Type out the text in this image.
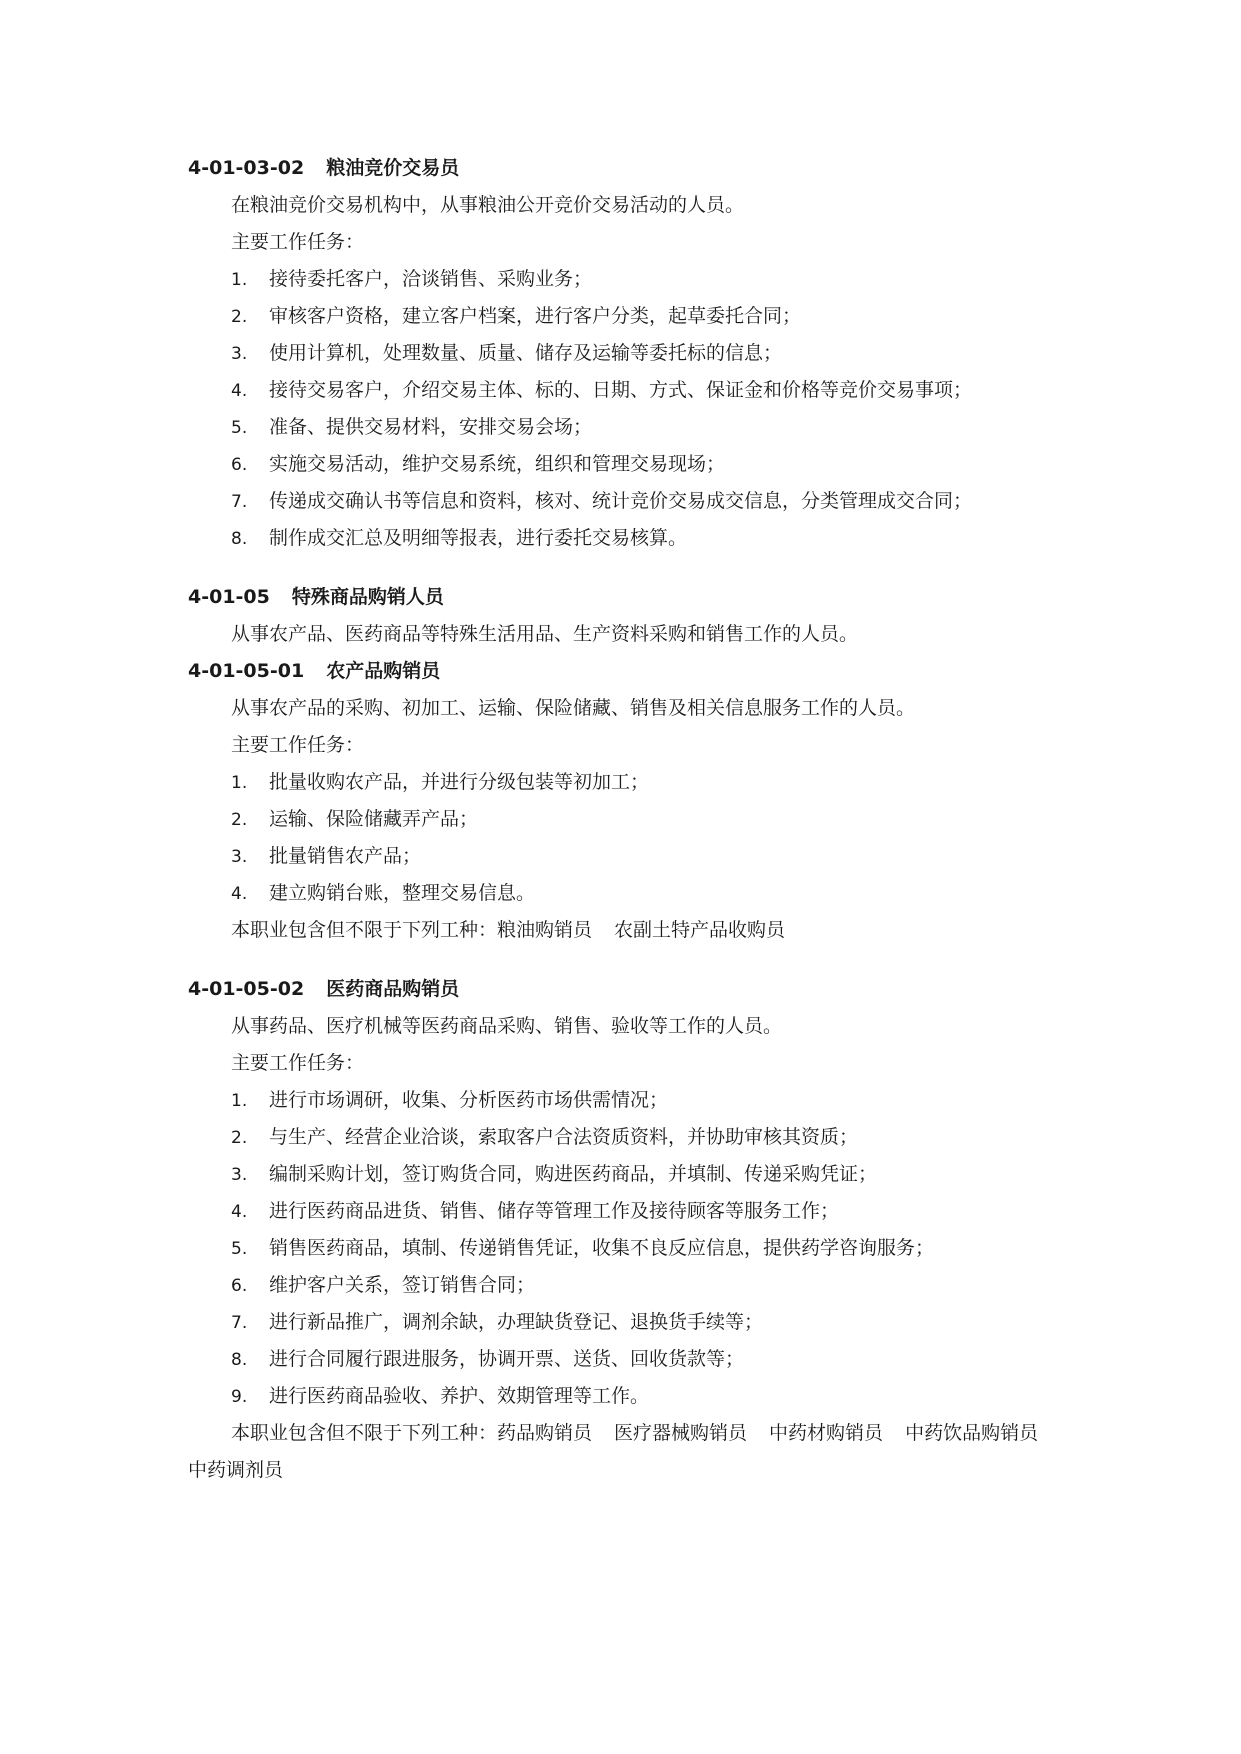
4-01-03-02 粮油竞价交易员
在粮油竞价交易机构中，从事粮油公开竞价交易活动的人员。
主要工作任务：
1. 接待委托客户，洽谈销售、采购业务；
2. 审核客户资格，建立客户档案，进行客户分类，起草委托合同；
3. 使用计算机，处理数量、质量、储存及运输等委托标的信息；
4. 接待交易客户，介绍交易主体、标的、日期、方式、保证金和价格等竞价交易事项；
5. 准备、提供交易材料，安排交易会场；
6. 实施交易活动，维护交易系统，组织和管理交易现场；
7. 传递成交确认书等信息和资料，核对、统计竞价交易成交信息，分类管理成交合同；
8. 制作成交汇总及明细等报表，进行委托交易核算。
4-01-05 特殊商品购销人员
从事农产品、医药商品等特殊生活用品、生产资料采购和销售工作的人员。
4-01-05-01 农产品购销员
从事农产品的采购、初加工、运输、保险储藏、销售及相关信息服务工作的人员。
主要工作任务：
1. 批量收购农产品，并进行分级包装等初加工；
2. 运输、保险储藏弄产品；
3. 批量销售农产品；
4. 建立购销台账，整理交易信息。
本职业包含但不限于下列工种：粮油购销员 农副土特产品收购员
4-01-05-02 医药商品购销员
从事药品、医疗机械等医药商品采购、销售、验收等工作的人员。
主要工作任务：
1. 进行市场调研，收集、分析医药市场供需情况；
2. 与生产、经营企业洽谈，索取客户合法资质资料，并协助审核其资质；
3. 编制采购计划，签订购货合同，购进医药商品，并填制、传递采购凭证；
4. 进行医药商品进货、销售、储存等管理工作及接待顾客等服务工作；
5. 销售医药商品，填制、传递销售凭证，收集不良反应信息，提供药学咨询服务；
6. 维护客户关系，签订销售合同；
7. 进行新品推广，调剂余缺，办理缺货登记、退换货手续等；
8. 进行合同履行跟进服务，协调开票、送货、回收货款等；
9. 进行医药商品验收、养护、效期管理等工作。

本职业包含但不限于下列工种：药品购销员 医疗器械购销员 中药材购销员 中药饮品购销员中药调剂员
